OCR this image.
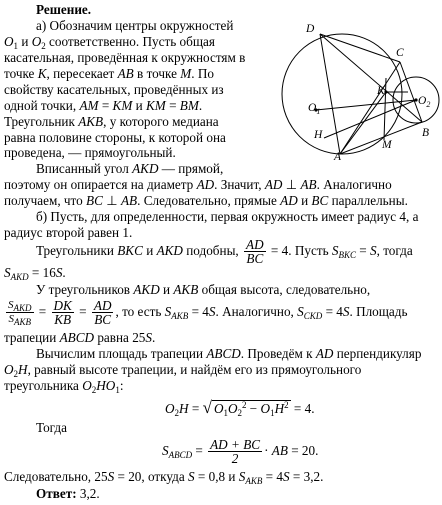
Решение.
а) Обозначим центры окружностей
$O_1$ и $O_2$ соответственно. Пусть общая
касательная, проведённая к окружностям в
точке K, пересекает AB в точке M. По
свойству касательных, проведённых из
одной точки, AM = KM и KM = BM.
Треугольник AKB, у которого медиана
равна половине стороны, к которой она
проведена, — прямоугольный.
Вписанный угол AKD — прямой,
поэтому он опирается на диаметр AD. Значит, AD ⊥ AB. Аналогично
получаем, что BC ⊥ AB. Следовательно, прямые AD и BC параллельны.
б) Пусть, для определенности, первая окружность имеет радиус 4, а
радиус второй равен 1.
Треугольники BKC и AKD подобны, $\frac{AD}{BC} = 4$. Пусть $S_{BKC} = S$, тогда
$S_{AKD} = 16S$.
У треугольников AKD и AKB общая высота, следовательно,
$\frac{S_{AKD}}{S_{AKB}} = \frac{DK}{KB} = \frac{AD}{BC}$ , то есть $S_{AKB} = 4S$. Аналогично, $S_{CKD} = 4S$. Площадь
трапеции ABCD равна 25S.
Вычислим площадь трапеции ABCD. Проведём к AD перпендикуляр
$O_2H$, равный высоте трапеции, и найдём его из прямоугольного
треугольника $O_2HO_1$:
$O_2H$ = √ $O_1O_2^2 - O_1H^2 = 4$.
Тогда
$S_{ABCD} = \frac{AD + BC}{2}$ · AB = 20.
Следовательно, 25S = 20, откуда S = 0,8 и $S_{AKB} = 4S = 3,2$.
Ответ: 3,2.
D
C
$O_1$
K
$O_2$
H	B
M
A
